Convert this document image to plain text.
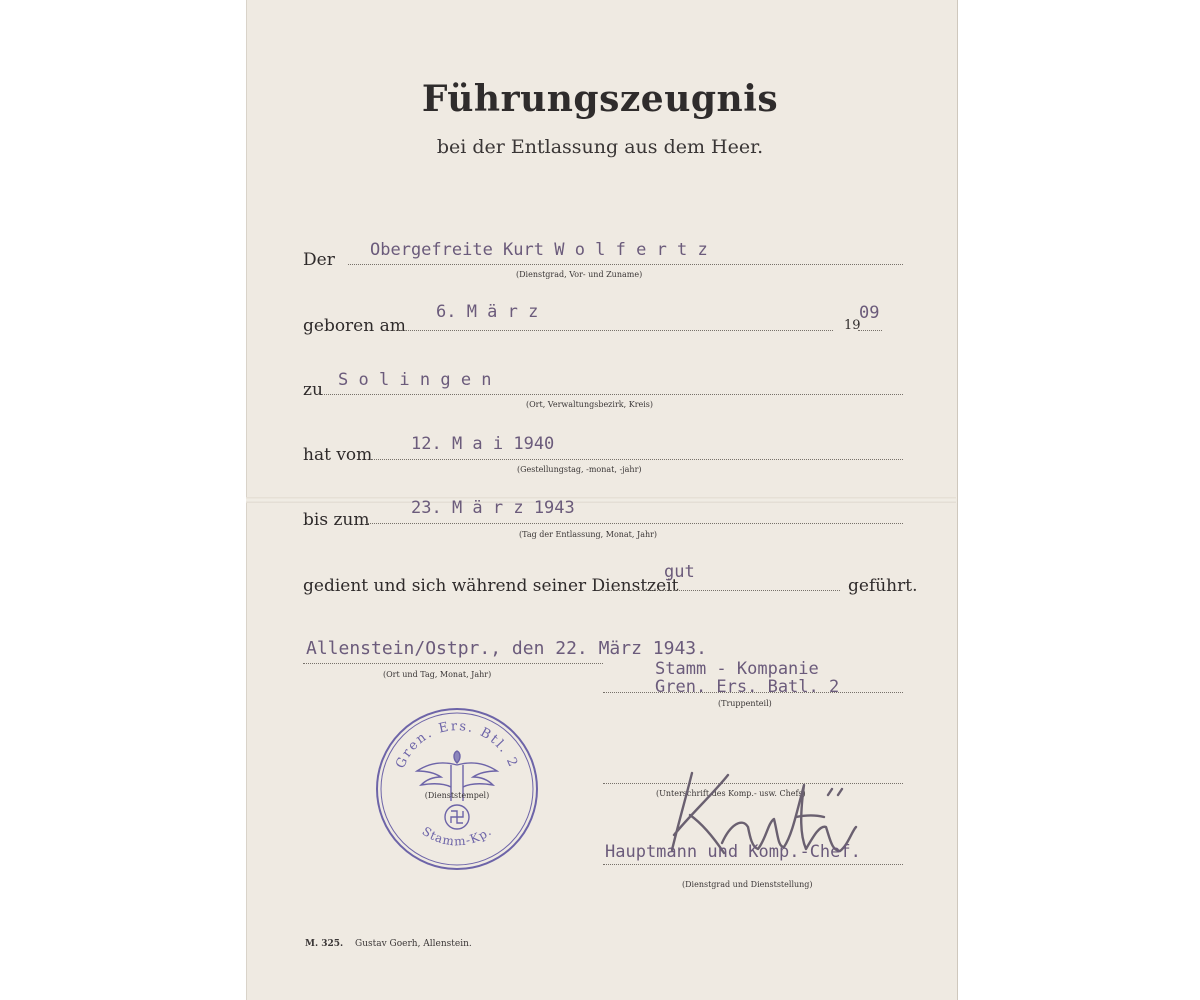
Führungszeugnis
bei der Entlassung aus dem Heer.
Der Obergefreite Kurt W o l f e r t z
(Dienstgrad, Vor- und Zuname)
geboren am
6. M ä r z
19
09
zu S o l i n g e n
(Ort, Verwaltungsbezirk, Kreis)
hat vom
12. M a i 1940
(Gestellungstag, -monat, -jahr)
bis zum
23. M ä r z 1943
(Tag der Entlassung, Monat, Jahr)
gedient und sich während seiner Dienstzeit
gut
geführt.
Allenstein/Ostpr., den 22. März 1943.
(Ort und Tag, Monat, Jahr)	Stamm - Kompanie
Gren. Ers. Batl. 2
(Truppenteil)
(Unterschrift des Komp.- usw. Chefs)
Hauptmann und Komp.-Chef.
(Dienstgrad und Dienststellung)
Gren. Ers. Btl. 2
Stamm-Kp.
(Dienststempel)
M. 325. Gustav Goerh, Allenstein.
